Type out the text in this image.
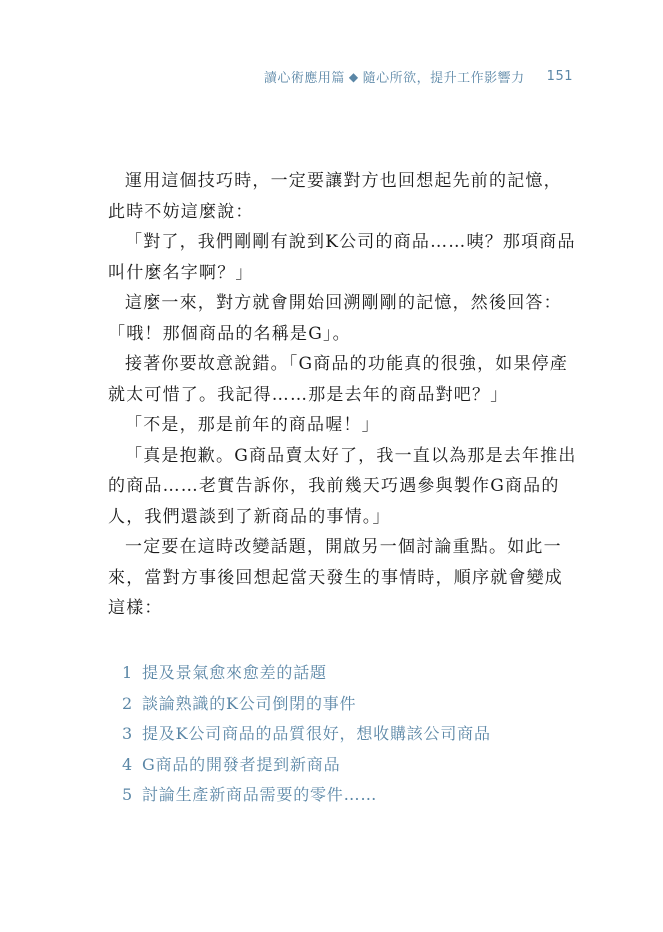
讀心術應用篇 ◆ 隨心所欲，提升工作影響力 151

運用這個技巧時，一定要讓對方也回想起先前的記憶，此時不妨這麼說：

「對了，我們剛剛有說到K公司的商品……咦？那項商品叫什麼名字啊？」

這麼一來，對方就會開始回溯剛剛的記憶，然後回答：「哦！那個商品的名稱是G」。

接著你要故意說錯。「G商品的功能真的很強，如果停產就太可惜了。我記得……那是去年的商品對吧？」

「不是，那是前年的商品喔！」

「真是抱歉。G商品賣太好了，我一直以為那是去年推出的商品……老實告訴你，我前幾天巧遇參與製作G商品的人，我們還談到了新商品的事情。」

一定要在這時改變話題，開啟另一個討論重點。如此一來，當對方事後回想起當天發生的事情時，順序就會變成這樣：

1 提及景氣愈來愈差的話題
2 談論熟識的K公司倒閉的事件
3 提及K公司商品的品質很好，想收購該公司商品
4 G商品的開發者提到新商品
5 討論生產新商品需要的零件……
